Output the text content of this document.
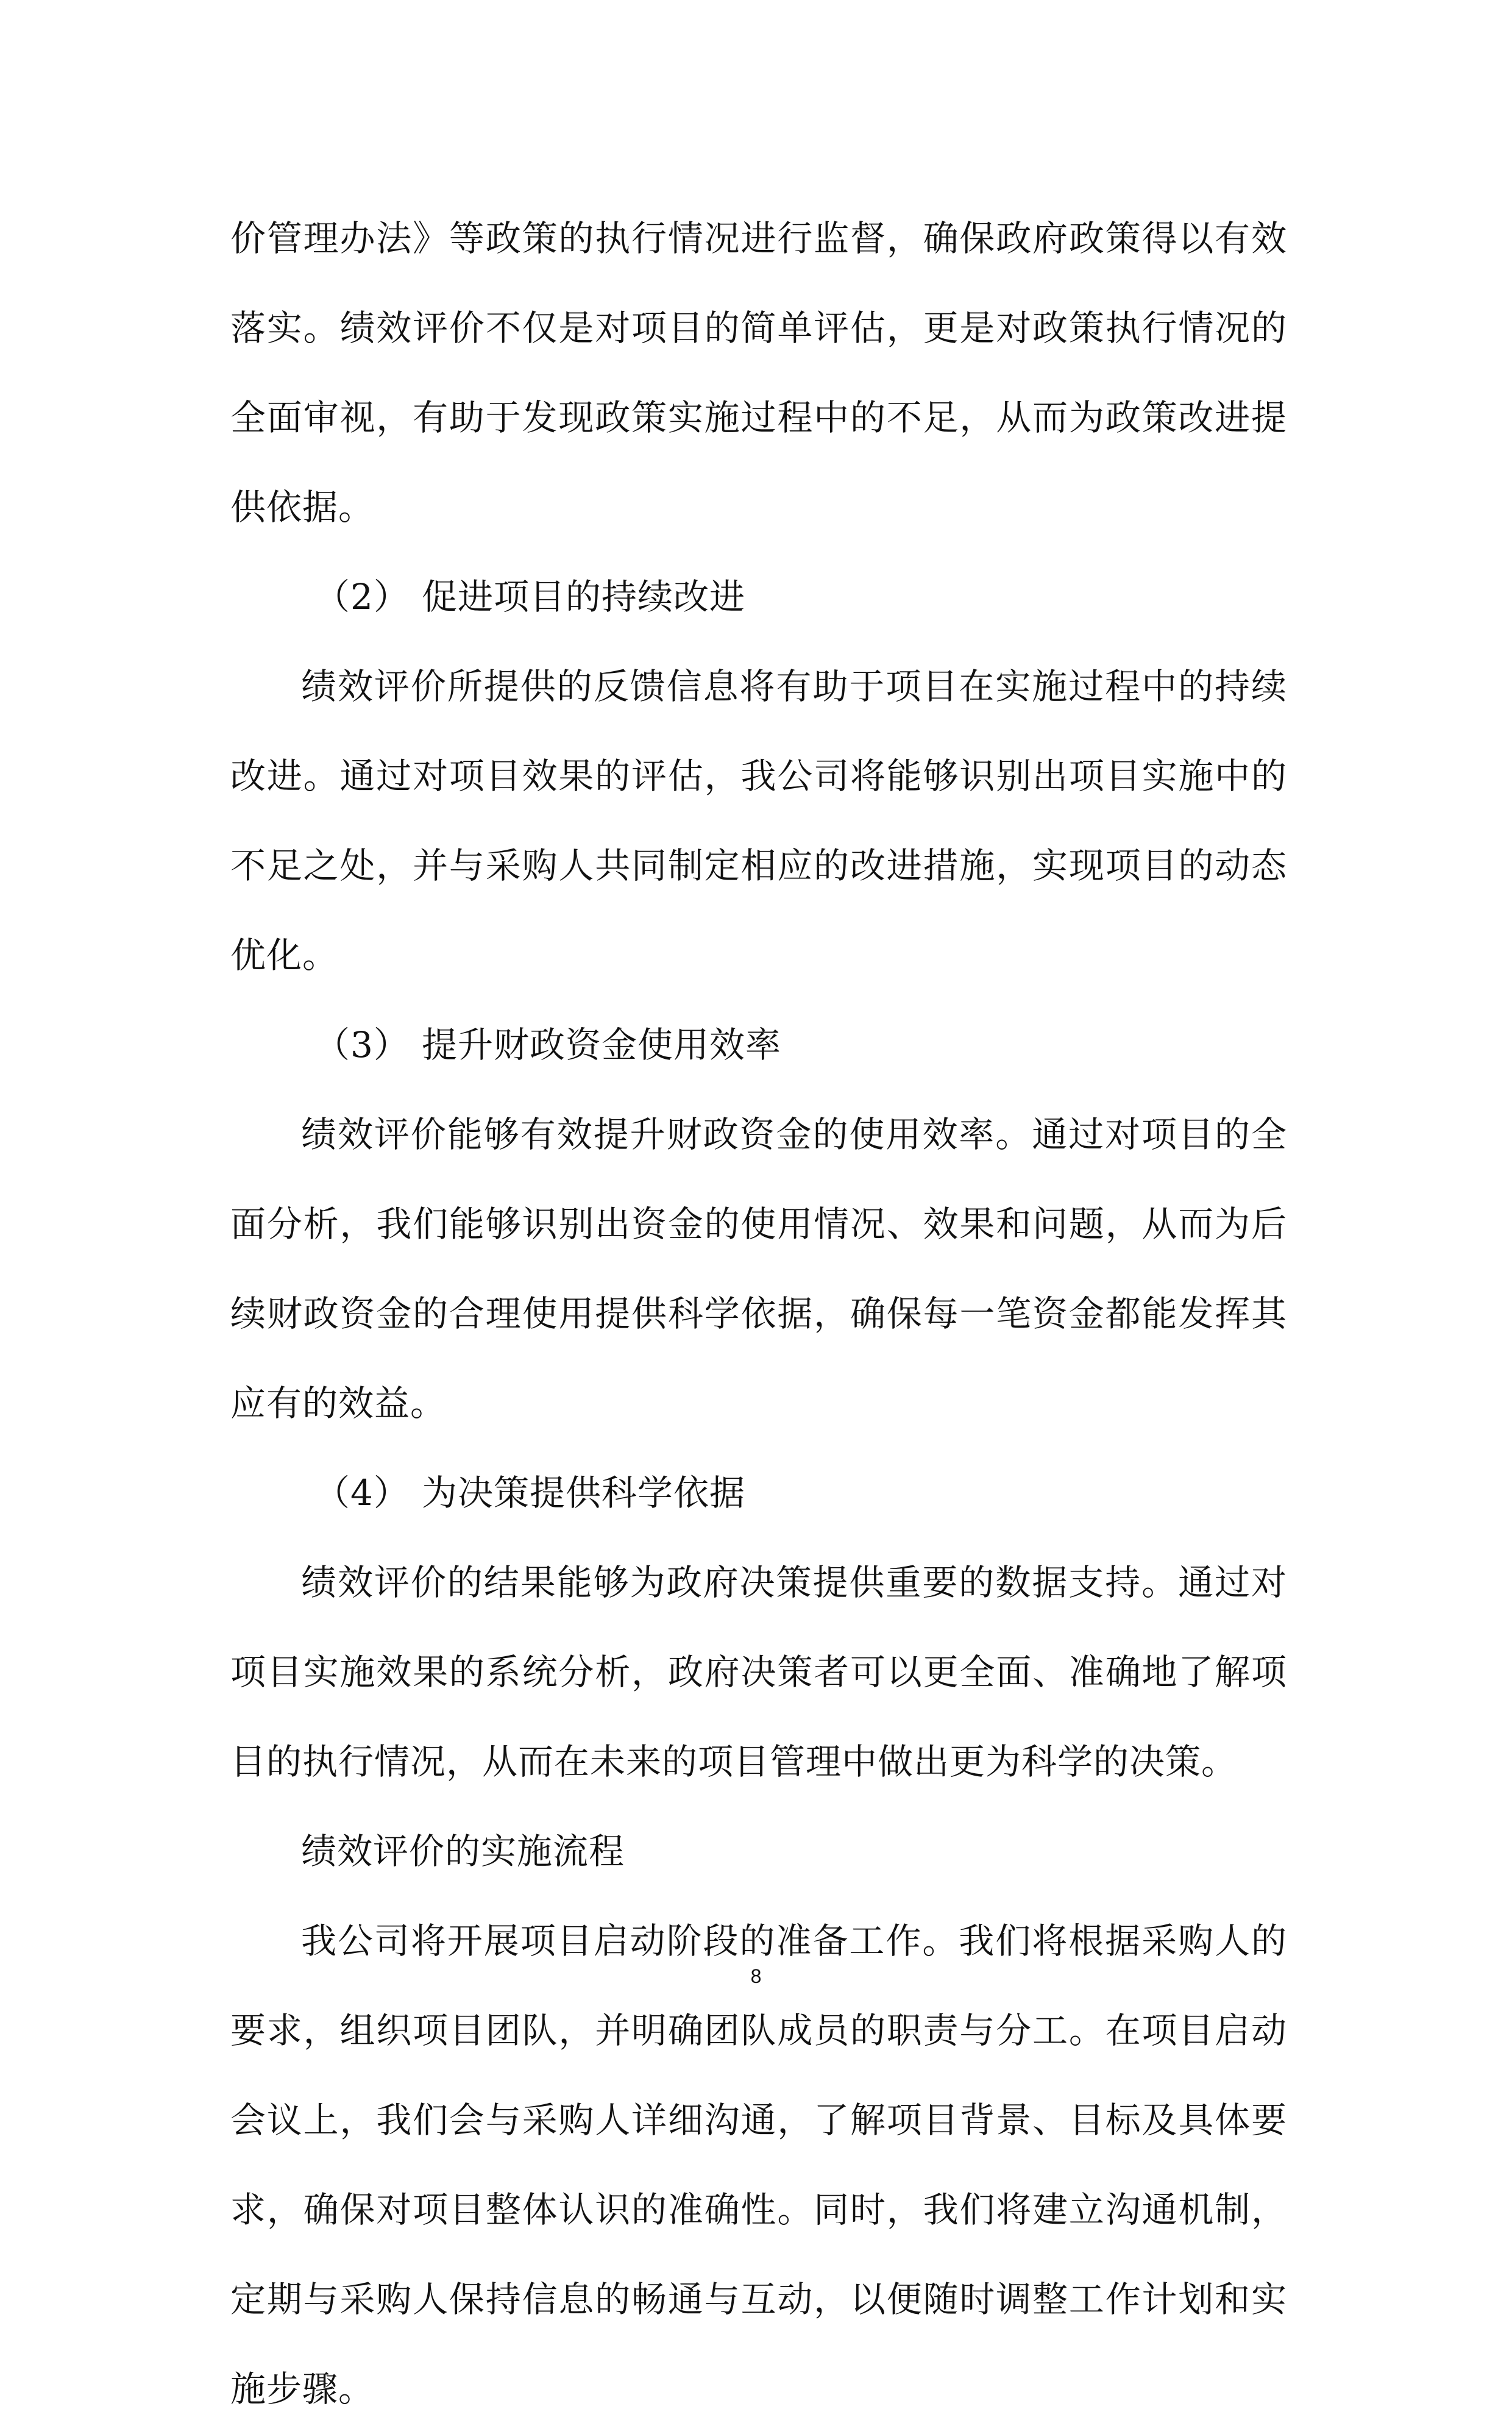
价管理办法》等政策的执行情况进行监督，确保政府政策得以有效落实。绩效评价不仅是对项目的简单评估，更是对政策执行情况的全面审视，有助于发现政策实施过程中的不足，从而为政策改进提供依据。

（2） 促进项目的持续改进

绩效评价所提供的反馈信息将有助于项目在实施过程中的持续改进。通过对项目效果的评估，我公司将能够识别出项目实施中的不足之处，并与采购人共同制定相应的改进措施，实现项目的动态优化。

（3） 提升财政资金使用效率

绩效评价能够有效提升财政资金的使用效率。通过对项目的全面分析，我们能够识别出资金的使用情况、效果和问题，从而为后续财政资金的合理使用提供科学依据，确保每一笔资金都能发挥其应有的效益。

（4） 为决策提供科学依据

绩效评价的结果能够为政府决策提供重要的数据支持。通过对项目实施效果的系统分析，政府决策者可以更全面、准确地了解项目的执行情况，从而在未来的项目管理中做出更为科学的决策。

绩效评价的实施流程

我公司将开展项目启动阶段的准备工作。我们将根据采购人的要求，组织项目团队，并明确团队成员的职责与分工。在项目启动会议上，我们会与采购人详细沟通，了解项目背景、目标及具体要求，确保对项目整体认识的准确性。同时，我们将建立沟通机制，定期与采购人保持信息的畅通与互动，以便随时调整工作计划和实施步骤。

8
